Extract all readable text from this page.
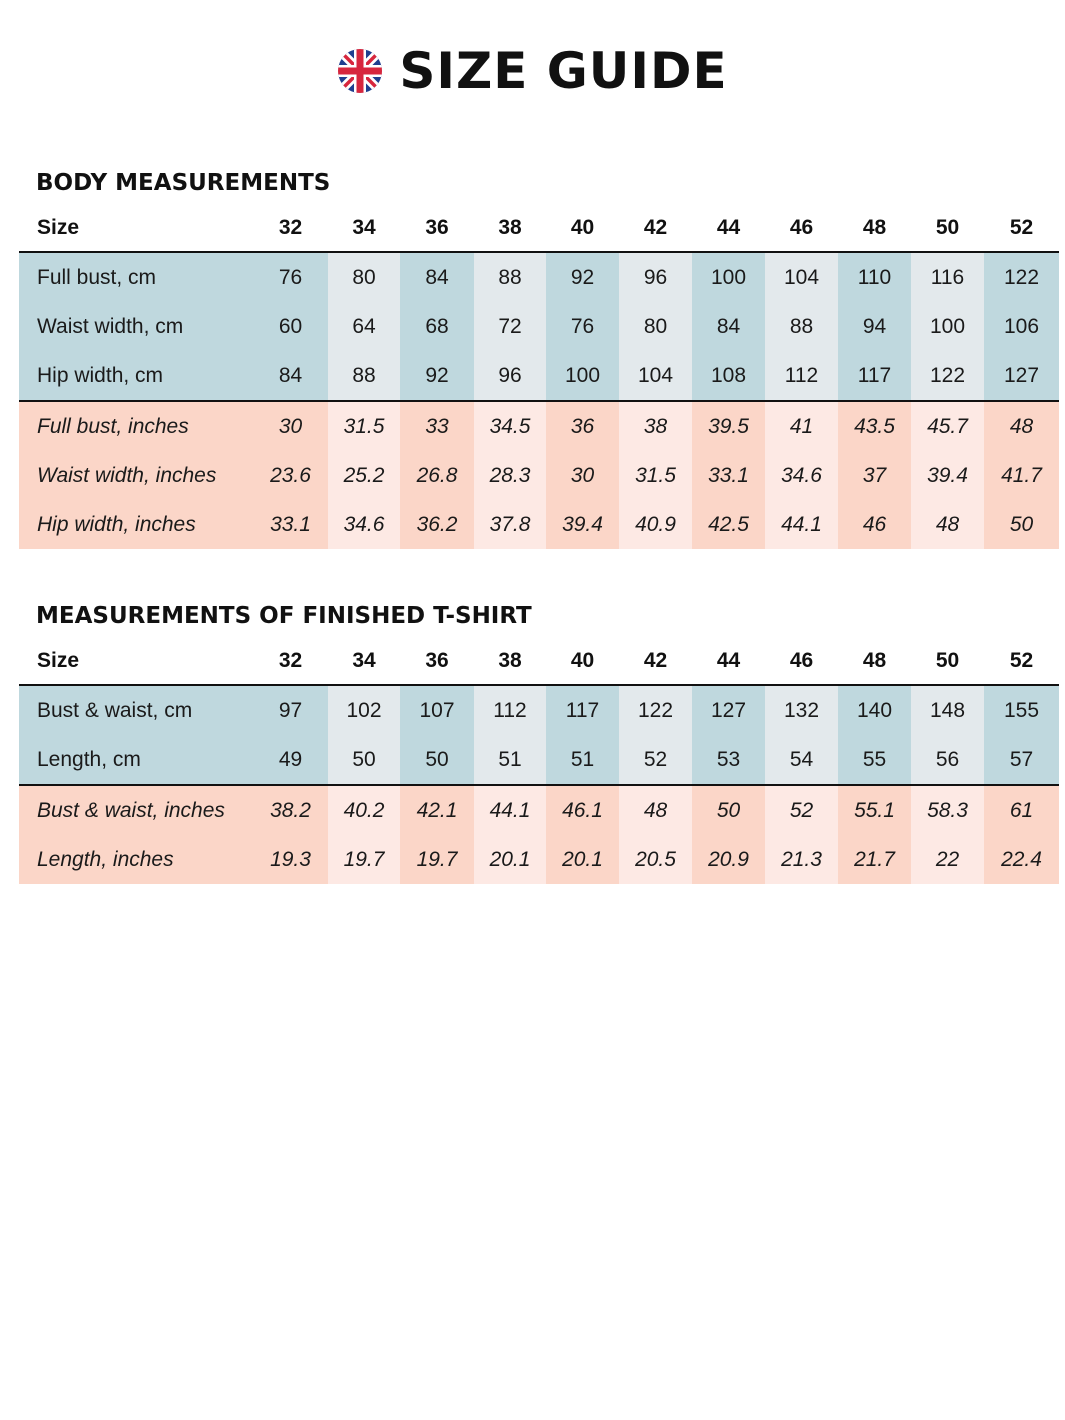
SIZE GUIDE
BODY MEASUREMENTS
Size	32	34	36	38	40	42	44	46	48	50	52
Full bust, cm	76	80	84	88	92	96	100	104	110	116	122
Waist width, cm	60	64	68	72	76	80	84	88	94	100	106
Hip width, cm	84	88	92	96	100	104	108	112	117	122	127
Full bust, inches	30	31.5	33	34.5	36	38	39.5	41	43.5	45.7	48
Waist width, inches	23.6	25.2	26.8	28.3	30	31.5	33.1	34.6	37	39.4	41.7
Hip width, inches	33.1	34.6	36.2	37.8	39.4	40.9	42.5	44.1	46	48	50
MEASUREMENTS OF FINISHED T-SHIRT
Size	32	34	36	38	40	42	44	46	48	50	52
Bust & waist, cm	97	102	107	112	117	122	127	132	140	148	155
Length, cm	49	50	50	51	51	52	53	54	55	56	57
Bust & waist, inches	38.2	40.2	42.1	44.1	46.1	48	50	52	55.1	58.3	61
Length, inches	19.3	19.7	19.7	20.1	20.1	20.5	20.9	21.3	21.7	22	22.4
